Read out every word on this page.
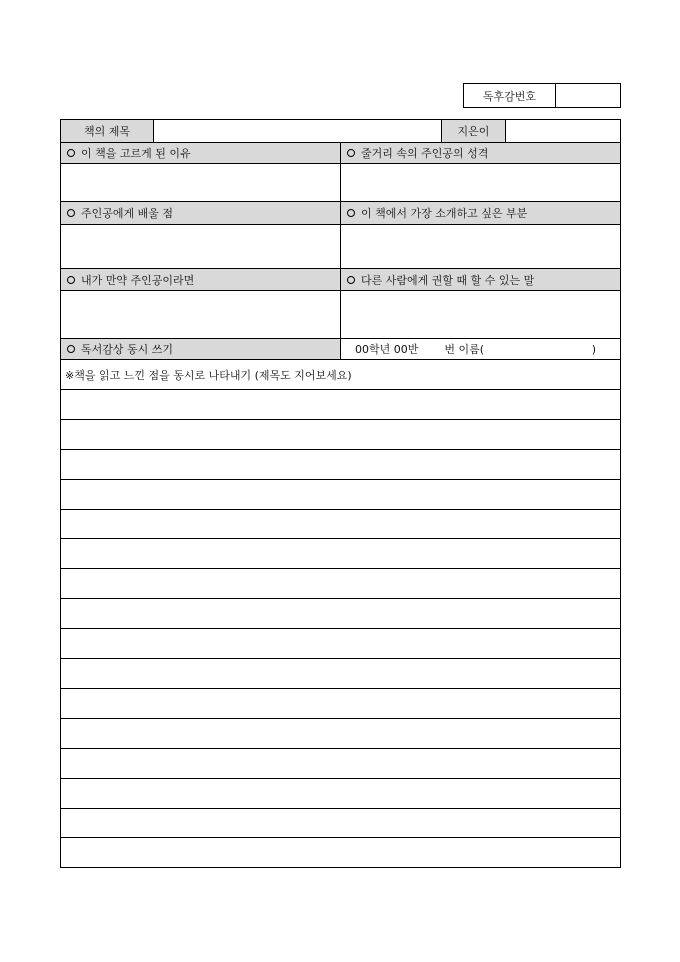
독후감번호
책의 제목	지은이
이 책을 고르게 된 이유	줄거리 속의 주인공의 성격
주인공에게 배울 점	이 책에서 가장 소개하고 싶은 부분
내가 만약 주인공이라면	다른 사람에게 권할 때 할 수 있는 말
독서감상 동시 쓰기	00학년 00반 번 이름(	)
※책을 읽고 느낀 점을 동시로 나타내기 (제목도 지어보세요)
